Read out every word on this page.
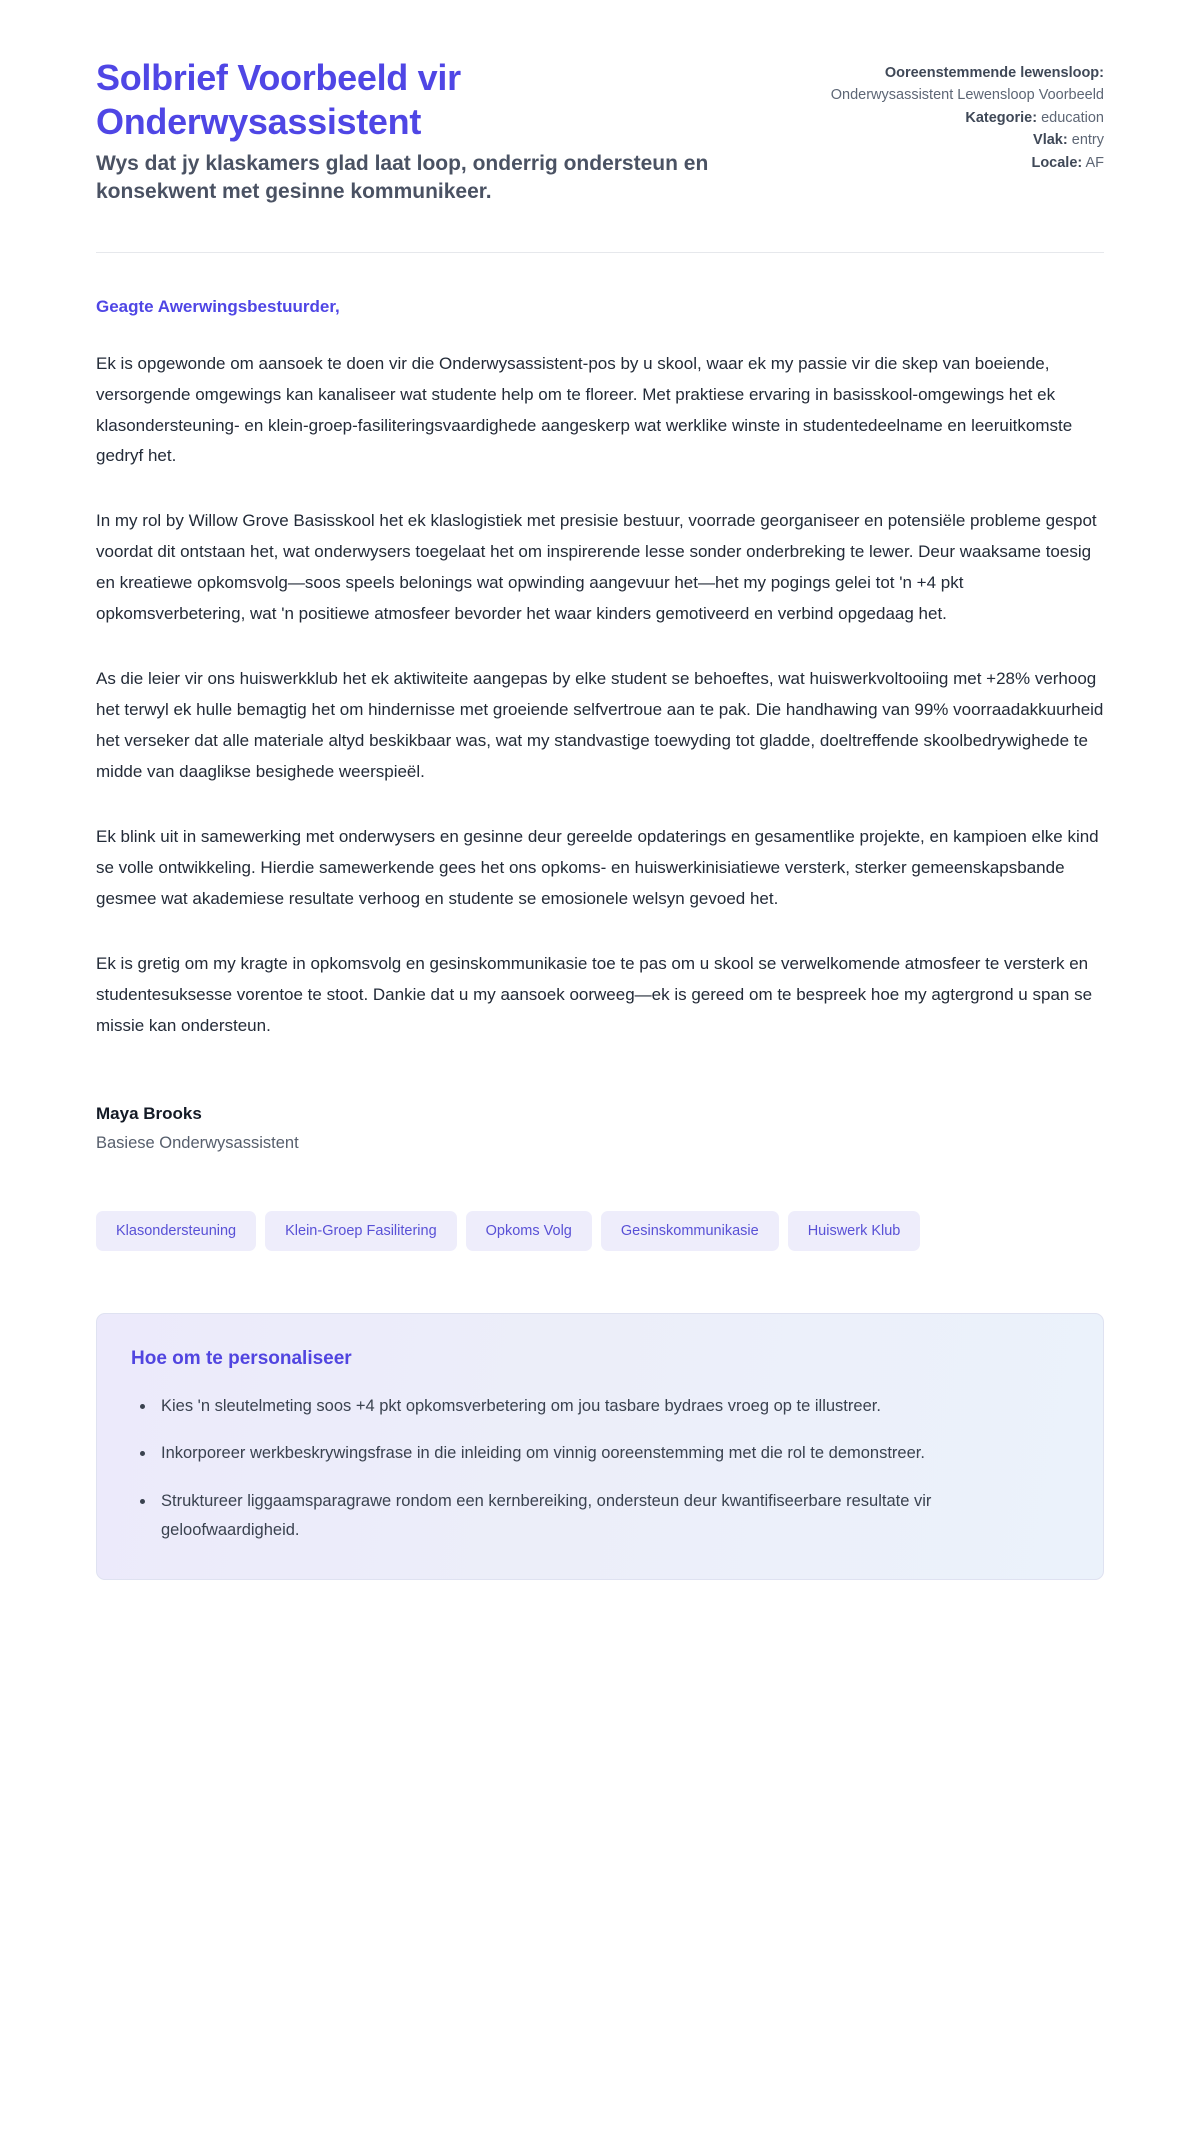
Solbrief Voorbeeld vir Onderwysassistent

Wys dat jy klaskamers glad laat loop, onderrig ondersteun en konsekwent met gesinne kommunikeer.

Ooreenstemmende lewensloop: Onderwysassistent Lewensloop Voorbeeld
Kategorie: education
Vlak: entry
Locale: AF

Geagte Awerwingsbestuurder,

Ek is opgewonde om aansoek te doen vir die Onderwysassistent-pos by u skool, waar ek my passie vir die skep van boeiende, versorgende omgewings kan kanaliseer wat studente help om te floreer. Met praktiese ervaring in basisskool-omgewings het ek klasondersteuning- en klein-groep-fasiliteringsvaardighede aangeskerp wat werklike winste in studentedeelname en leeruitkomste gedryf het.

In my rol by Willow Grove Basisskool het ek klaslogistiek met presisie bestuur, voorrade georganiseer en potensiële probleme gespot voordat dit ontstaan het, wat onderwysers toegelaat het om inspirerende lesse sonder onderbreking te lewer. Deur waaksame toesig en kreatiewe opkomsvolg—soos speels belonings wat opwinding aangevuur het—het my pogings gelei tot 'n +4 pkt opkomsverbetering, wat 'n positiewe atmosfeer bevorder het waar kinders gemotiveerd en verbind opgedaag het.

As die leier vir ons huiswerkklub het ek aktiwiteite aangepas by elke student se behoeftes, wat huiswerkvoltooiing met +28% verhoog het terwyl ek hulle bemagtig het om hindernisse met groeiende selfvertroue aan te pak. Die handhawing van 99% voorraadakkuurheid het verseker dat alle materiale altyd beskikbaar was, wat my standvastige toewyding tot gladde, doeltreffende skoolbedrywighede te midde van daaglikse besighede weerspieël.

Ek blink uit in samewerking met onderwysers en gesinne deur gereelde opdaterings en gesamentlike projekte, en kampioen elke kind se volle ontwikkeling. Hierdie samewerkende gees het ons opkoms- en huiswerkinisiatiewe versterk, sterker gemeenskapsbande gesmee wat akademiese resultate verhoog en studente se emosionele welsyn gevoed het.

Ek is gretig om my kragte in opkomsvolg en gesinskommunikasie toe te pas om u skool se verwelkomende atmosfeer te versterk en studentesuksesse vorentoe te stoot. Dankie dat u my aansoek oorweeg—ek is gereed om te bespreek hoe my agtergrond u span se missie kan ondersteun.

Maya Brooks

Basiese Onderwysassistent

Klasondersteuning	Klein-Groep Fasilitering	Opkoms Volg	Gesinskommunikasie	Huiswerk Klub
Hoe om te personaliseer
Kies 'n sleutelmeting soos +4 pkt opkomsverbetering om jou tasbare bydraes vroeg op te illustreer.
Inkorporeer werkbeskrywingsfrase in die inleiding om vinnig ooreenstemming met die rol te demonstreer.
Struktureer liggaamsparagrawe rondom een kernbereiking, ondersteun deur kwantifiseerbare resultate vir geloofwaardigheid.
